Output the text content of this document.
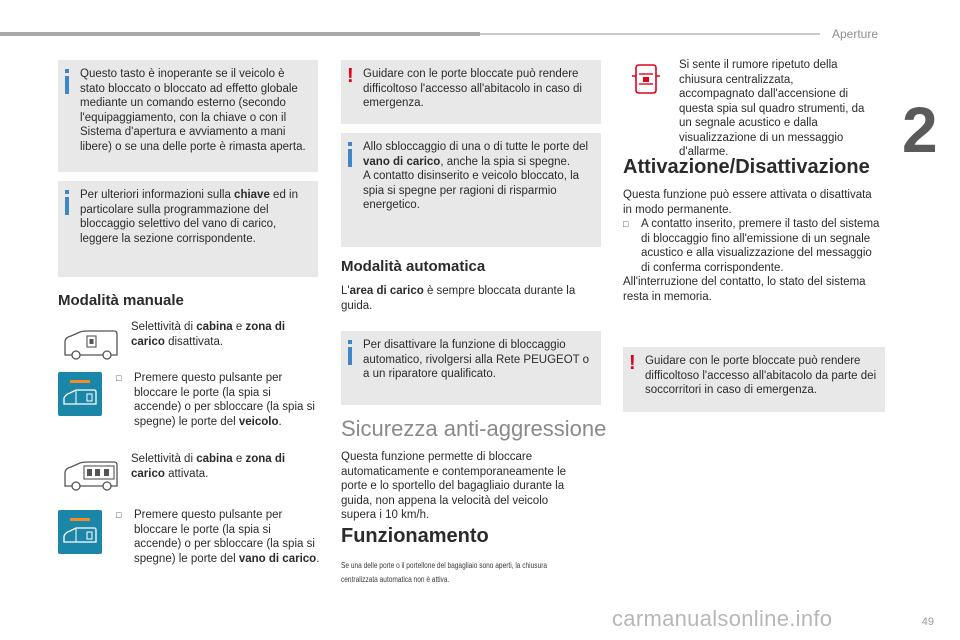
Aperture
2
Questo tasto è inoperante se il veicolo è stato bloccato o bloccato ad effetto globale mediante un comando esterno (secondo l'equipaggiamento, con la chiave o con il Sistema d'apertura e avviamento a mani libere) o se una delle porte è rimasta aperta.
Per ulteriori informazioni sulla chiave ed in particolare sulla programmazione del bloccaggio selettivo del vano di carico, leggere la sezione corrispondente.
Modalità manuale
Selettività di cabina e zona di carico disattivata.
□ Premere questo pulsante per bloccare le porte (la spia si accende) o per sbloccare (la spia si spegne) le porte del veicolo.
Selettività di cabina e zona di carico attivata.
□ Premere questo pulsante per bloccare le porte (la spia si accende) o per sbloccare (la spia si spegne) le porte del vano di carico.
! Guidare con le porte bloccate può rendere difficoltoso l'accesso all'abitacolo in caso di emergenza.
Allo sbloccaggio di una o di tutte le porte del vano di carico, anche la spia si spegne.
A contatto disinserito e veicolo bloccato, la spia si spegne per ragioni di risparmio energetico.
Modalità automatica
L'area di carico è sempre bloccata durante la guida.
Per disattivare la funzione di bloccaggio automatico, rivolgersi alla Rete PEUGEOT o a un riparatore qualificato.
Sicurezza anti-aggressione
Questa funzione permette di bloccare automaticamente e contemporaneamente le porte e lo sportello del bagagliaio durante la guida, non appena la velocità del veicolo supera i 10 km/h.
Funzionamento
Se una delle porte o il portellone del bagagliaio sono aperti, la chiusura
centralizzata automatica non è attiva.
Si sente il rumore ripetuto della chiusura centralizzata, accompagnato dall'accensione di questa spia sul quadro strumenti, da un segnale acustico e dalla visualizzazione di un messaggio d'allarme.
Attivazione/Disattivazione
Questa funzione può essere attivata o disattivata in modo permanente.
□ A contatto inserito, premere il tasto del sistema di bloccaggio fino all'emissione di un segnale acustico e alla visualizzazione del messaggio di conferma corrispondente.
All'interruzione del contatto, lo stato del sistema resta in memoria.
! Guidare con le porte bloccate può rendere difficoltoso l'accesso all'abitacolo da parte dei soccorritori in caso di emergenza.
carmanualsonline.info	49
